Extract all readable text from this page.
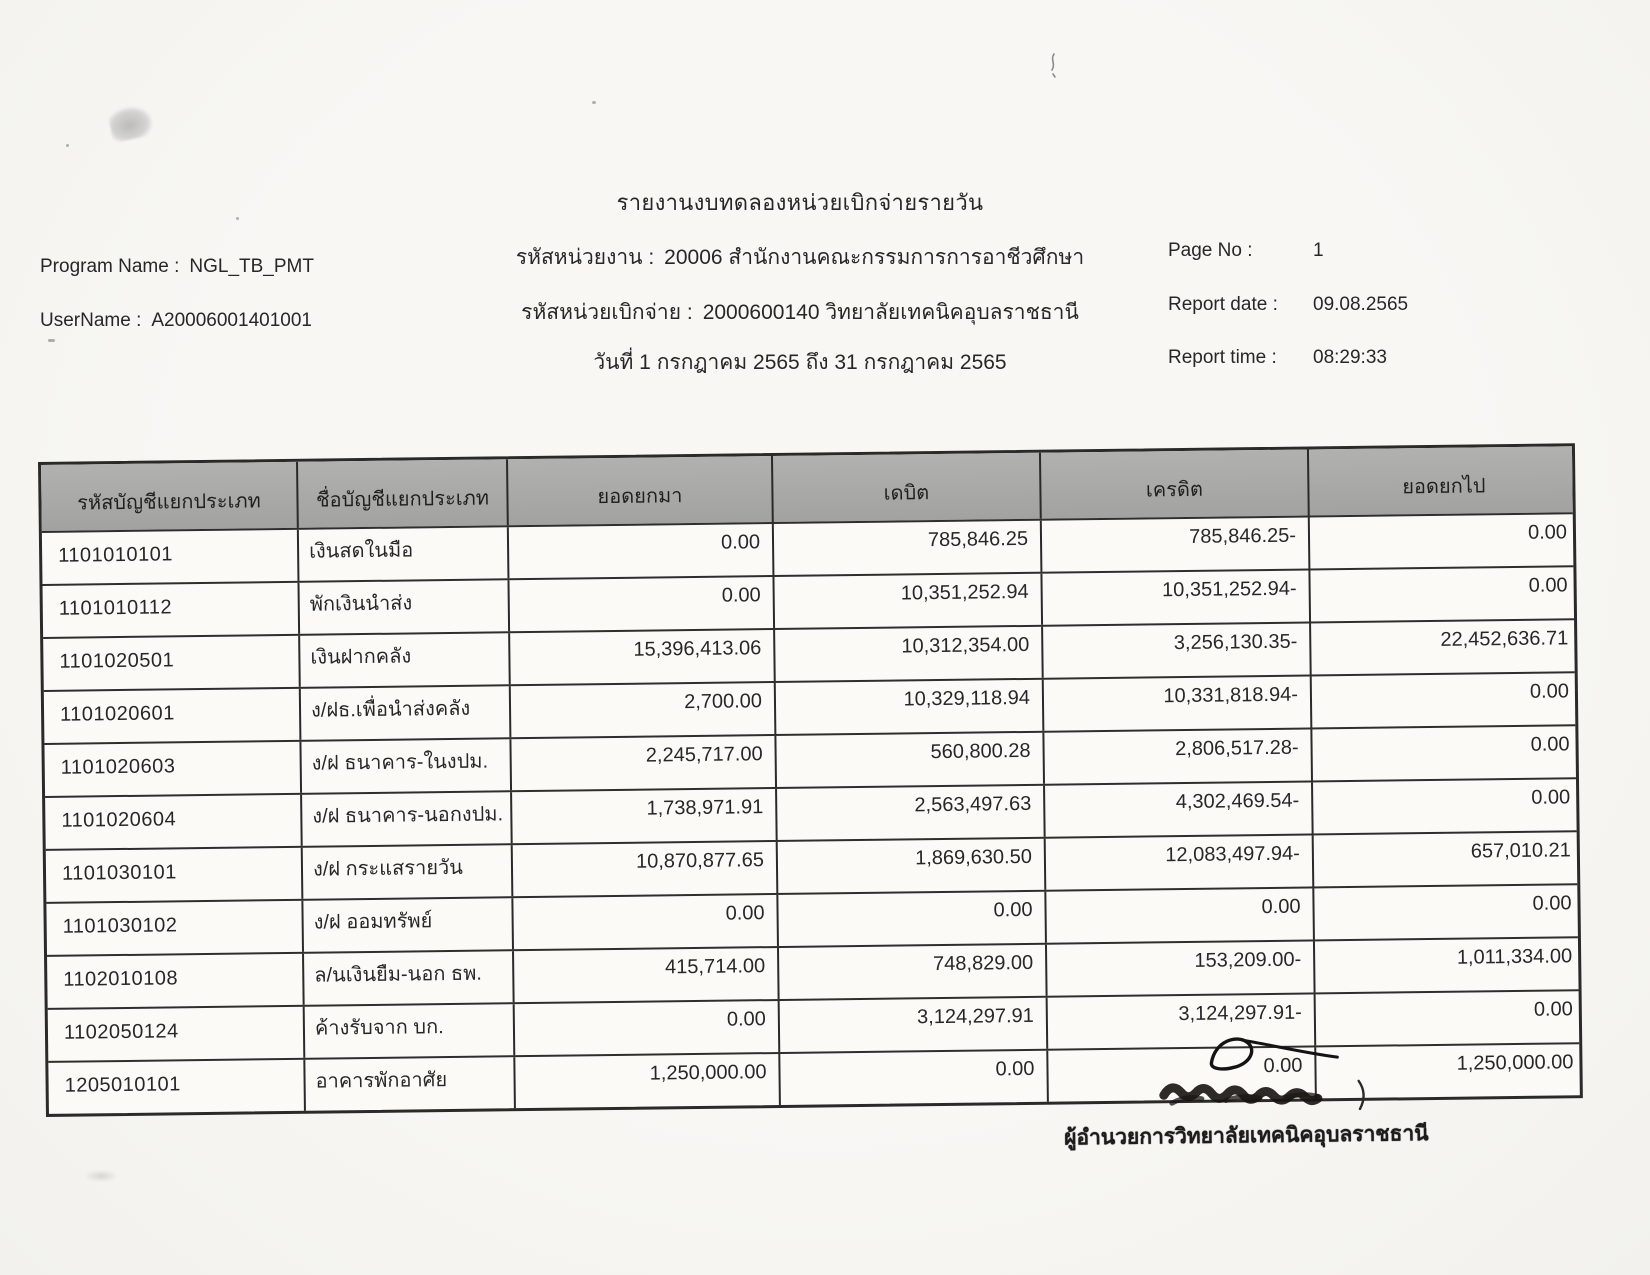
รายงานงบทดลองหน่วยเบิกจ่ายรายวัน
รหัสหน่วยงาน : 20006 สำนักงานคณะกรรมการการอาชีวศึกษา
รหัสหน่วยเบิกจ่าย : 2000600140 วิทยาลัยเทคนิคอุบลราชธานี
วันที่ 1 กรกฎาคม 2565 ถึง 31 กรกฎาคม 2565
Program Name : NGL_TB_PMT
UserName : A20006001401001
Page No :	1
Report date : 09.08.2565
Report time : 08:29:33
รหัสบัญชีแยกประเภท	ชื่อบัญชีแยกประเภท	ยอดยกมา	เดบิต	เครดิต	ยอดยกไป
1101010101	เงินสดในมือ	0.00	785,846.25	785,846.25-	0.00
1101010112	พักเงินนำส่ง	0.00	10,351,252.94	10,351,252.94-	0.00
1101020501	เงินฝากคลัง	15,396,413.06	10,312,354.00	3,256,130.35-	22,452,636.71
1101020601	ง/ฝธ.เพื่อนำส่งคลัง	2,700.00	10,329,118.94	10,331,818.94-	0.00
1101020603	ง/ฝ ธนาคาร-ในงปม.	2,245,717.00	560,800.28	2,806,517.28-	0.00
1101020604	ง/ฝ ธนาคาร-นอกงปม.	1,738,971.91	2,563,497.63	4,302,469.54-	0.00
1101030101	ง/ฝ กระแสรายวัน	10,870,877.65	1,869,630.50	12,083,497.94-	657,010.21
1101030102	ง/ฝ ออมทรัพย์	0.00	0.00	0.00	0.00
1102010108	ล/นเงินยืม-นอก ธพ.	415,714.00	748,829.00	153,209.00-	1,011,334.00
1102050124	ค้างรับจาก บก.	0.00	3,124,297.91	3,124,297.91-	0.00
1205010101	อาคารพักอาศัย	1,250,000.00	0.00	0.00	1,250,000.00
ผู้อำนวยการวิทยาลัยเทคนิคอุบลราชธานี
